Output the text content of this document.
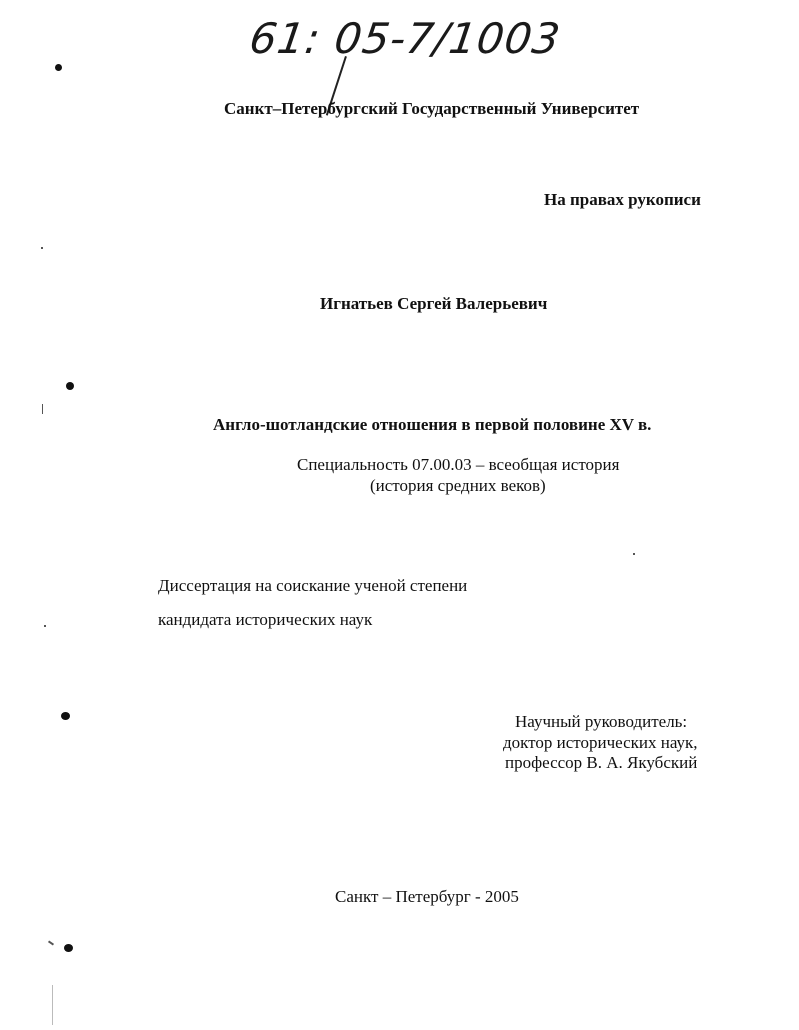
61: 05-7/1003
Санкт–Петербургский Государственный Университет
На правах рукописи
Игнатьев Сергей Валерьевич
Англо-шотландские отношения в первой половине XV в.
Специальность 07.00.03 – всеобщая история
(история средних веков)
Диссертация на соискание ученой степени
кандидата исторических наук
Научный руководитель:
доктор исторических наук,
профессор В. А. Якубский
Санкт – Петербург - 2005
